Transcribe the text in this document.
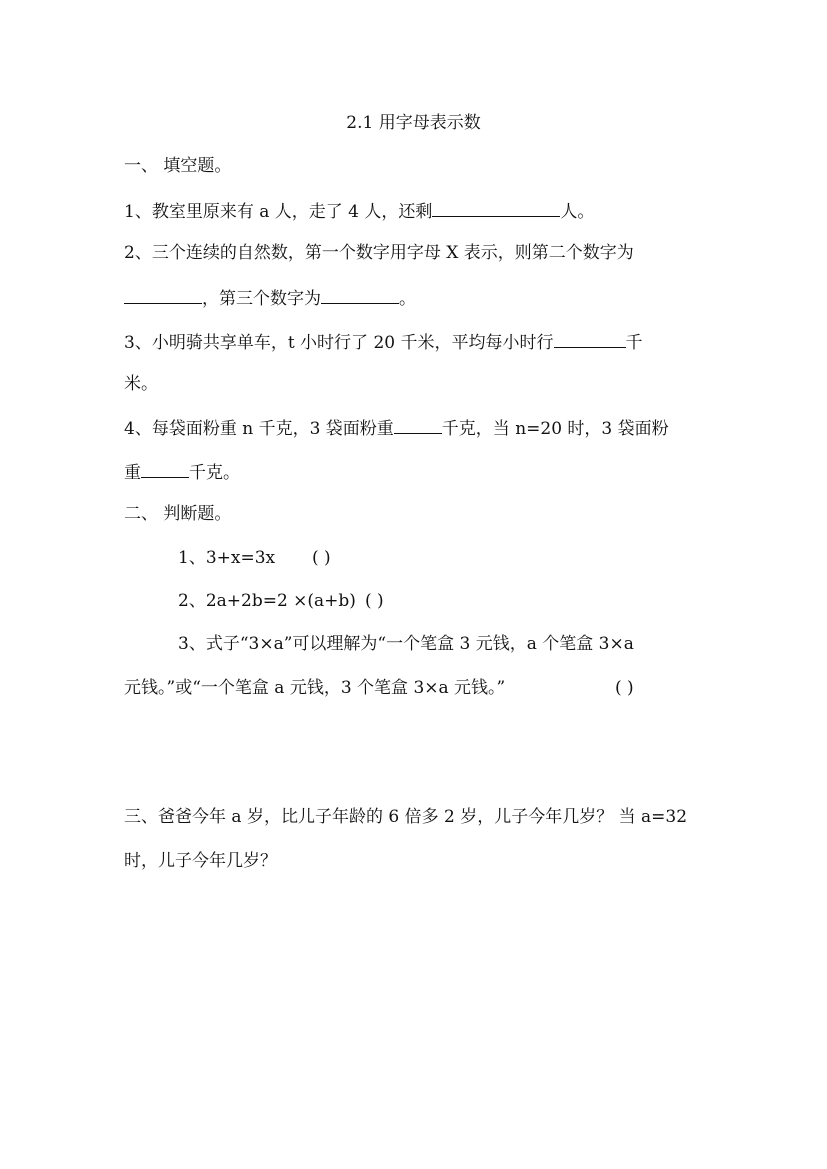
2.1 用字母表示数
一、 填空题。
1、教室里原来有 a 人，走了 4 人，还剩	人。
2、三个连续的自然数，第一个数字用字母 X 表示，则第二个数字为
，第三个数字为	。
3、小明骑共享单车，t 小时行了 20 千米，平均每小时行	千
米。
4、每袋面粉重 n 千克，3 袋面粉重	千克，当 n=20 时，3 袋面粉
重	千克。
二、 判断题。
1、3+x=3x ( )
2、2a+2b=2 ×(a+b) ( )
3、式子“3×a”可以理解为“一个笔盒 3 元钱，a 个笔盒 3×a
元钱。”或“一个笔盒 a 元钱，3 个笔盒 3×a 元钱。”	( )
三、爸爸今年 a 岁，比儿子年龄的 6 倍多 2 岁，儿子今年几岁？ 当 a=32
时，儿子今年几岁？
